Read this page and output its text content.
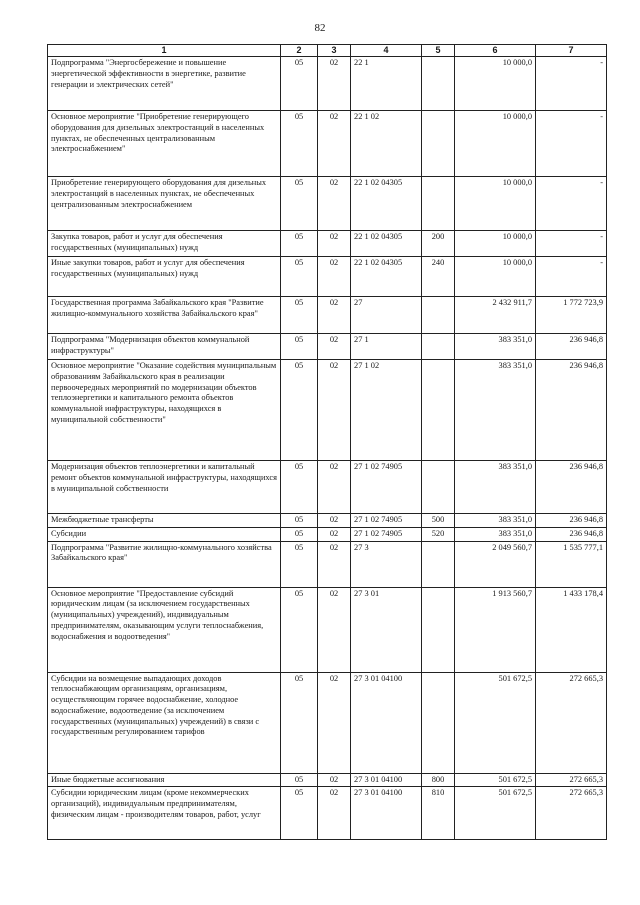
82
1	2	3	4	5	6	7
Подпрограмма "Энергосбережение и повышение энергетической эффективности в энергетике, развитие генерации и электрических сетей"	05	02	22 1		10 000,0	-
Основное мероприятие "Приобретение генерирующего оборудования для дизельных электростанций в населенных пунктах, не обеспеченных централизованным электроснабжением"	05	02	22 1 02		10 000,0	-
Приобретение генерирующего оборудования для дизельных электростанций в населенных пунктах, не обеспеченных централизованным электроснабжением	05	02	22 1 02 04305		10 000,0	-
Закупка товаров, работ и услуг для обеспечения государственных (муниципальных) нужд	05	02	22 1 02 04305	200	10 000,0	-
Иные закупки товаров, работ и услуг для обеспечения государственных (муниципальных) нужд	05	02	22 1 02 04305	240	10 000,0	-
Государственная программа Забайкальского края "Развитие жилищно-коммунального хозяйства Забайкальского края"	05	02	27		2 432 911,7	1 772 723,9
Подпрограмма "Модернизация объектов коммунальной инфраструктуры"	05	02	27 1		383 351,0	236 946,8
Основное мероприятие "Оказание содействия муниципальным образованиям Забайкальского края в реализации первоочередных мероприятий по модернизации объектов теплоэнергетики и капитального ремонта объектов коммунальной инфраструктуры, находящихся в муниципальной собственности"	05	02	27 1 02		383 351,0	236 946,8
Модернизация объектов теплоэнергетики и капитальный ремонт объектов коммунальной инфраструктуры, находящихся в муниципальной собственности	05	02	27 1 02 74905		383 351,0	236 946,8
Межбюджетные трансферты	05	02	27 1 02 74905	500	383 351,0	236 946,8
Субсидии	05	02	27 1 02 74905	520	383 351,0	236 946,8
Подпрограмма "Развитие жилищно-коммунального хозяйства Забайкальского края"	05	02	27 3		2 049 560,7	1 535 777,1
Основное мероприятие "Предоставление субсидий юридическим лицам (за исключением государственных (муниципальных) учреждений), индивидуальным предпринимателям, оказывающим услуги теплоснабжения, водоснабжения и водоотведения"	05	02	27 3 01		1 913 560,7	1 433 178,4
Субсидии на возмещение выпадающих доходов теплоснабжающим организациям, организациям, осуществляющим горячее водоснабжение, холодное водоснабжение, водоотведение (за исключением государственных (муниципальных) учреждений) в связи с государственным регулированием тарифов	05	02	27 3 01 04100		501 672,5	272 665,3
Иные бюджетные ассигнования	05	02	27 3 01 04100	800	501 672,5	272 665,3
Субсидии юридическим лицам (кроме некоммерческих организаций), индивидуальным предпринимателям, физическим лицам - производителям товаров, работ, услуг	05	02	27 3 01 04100	810	501 672,5	272 665,3
